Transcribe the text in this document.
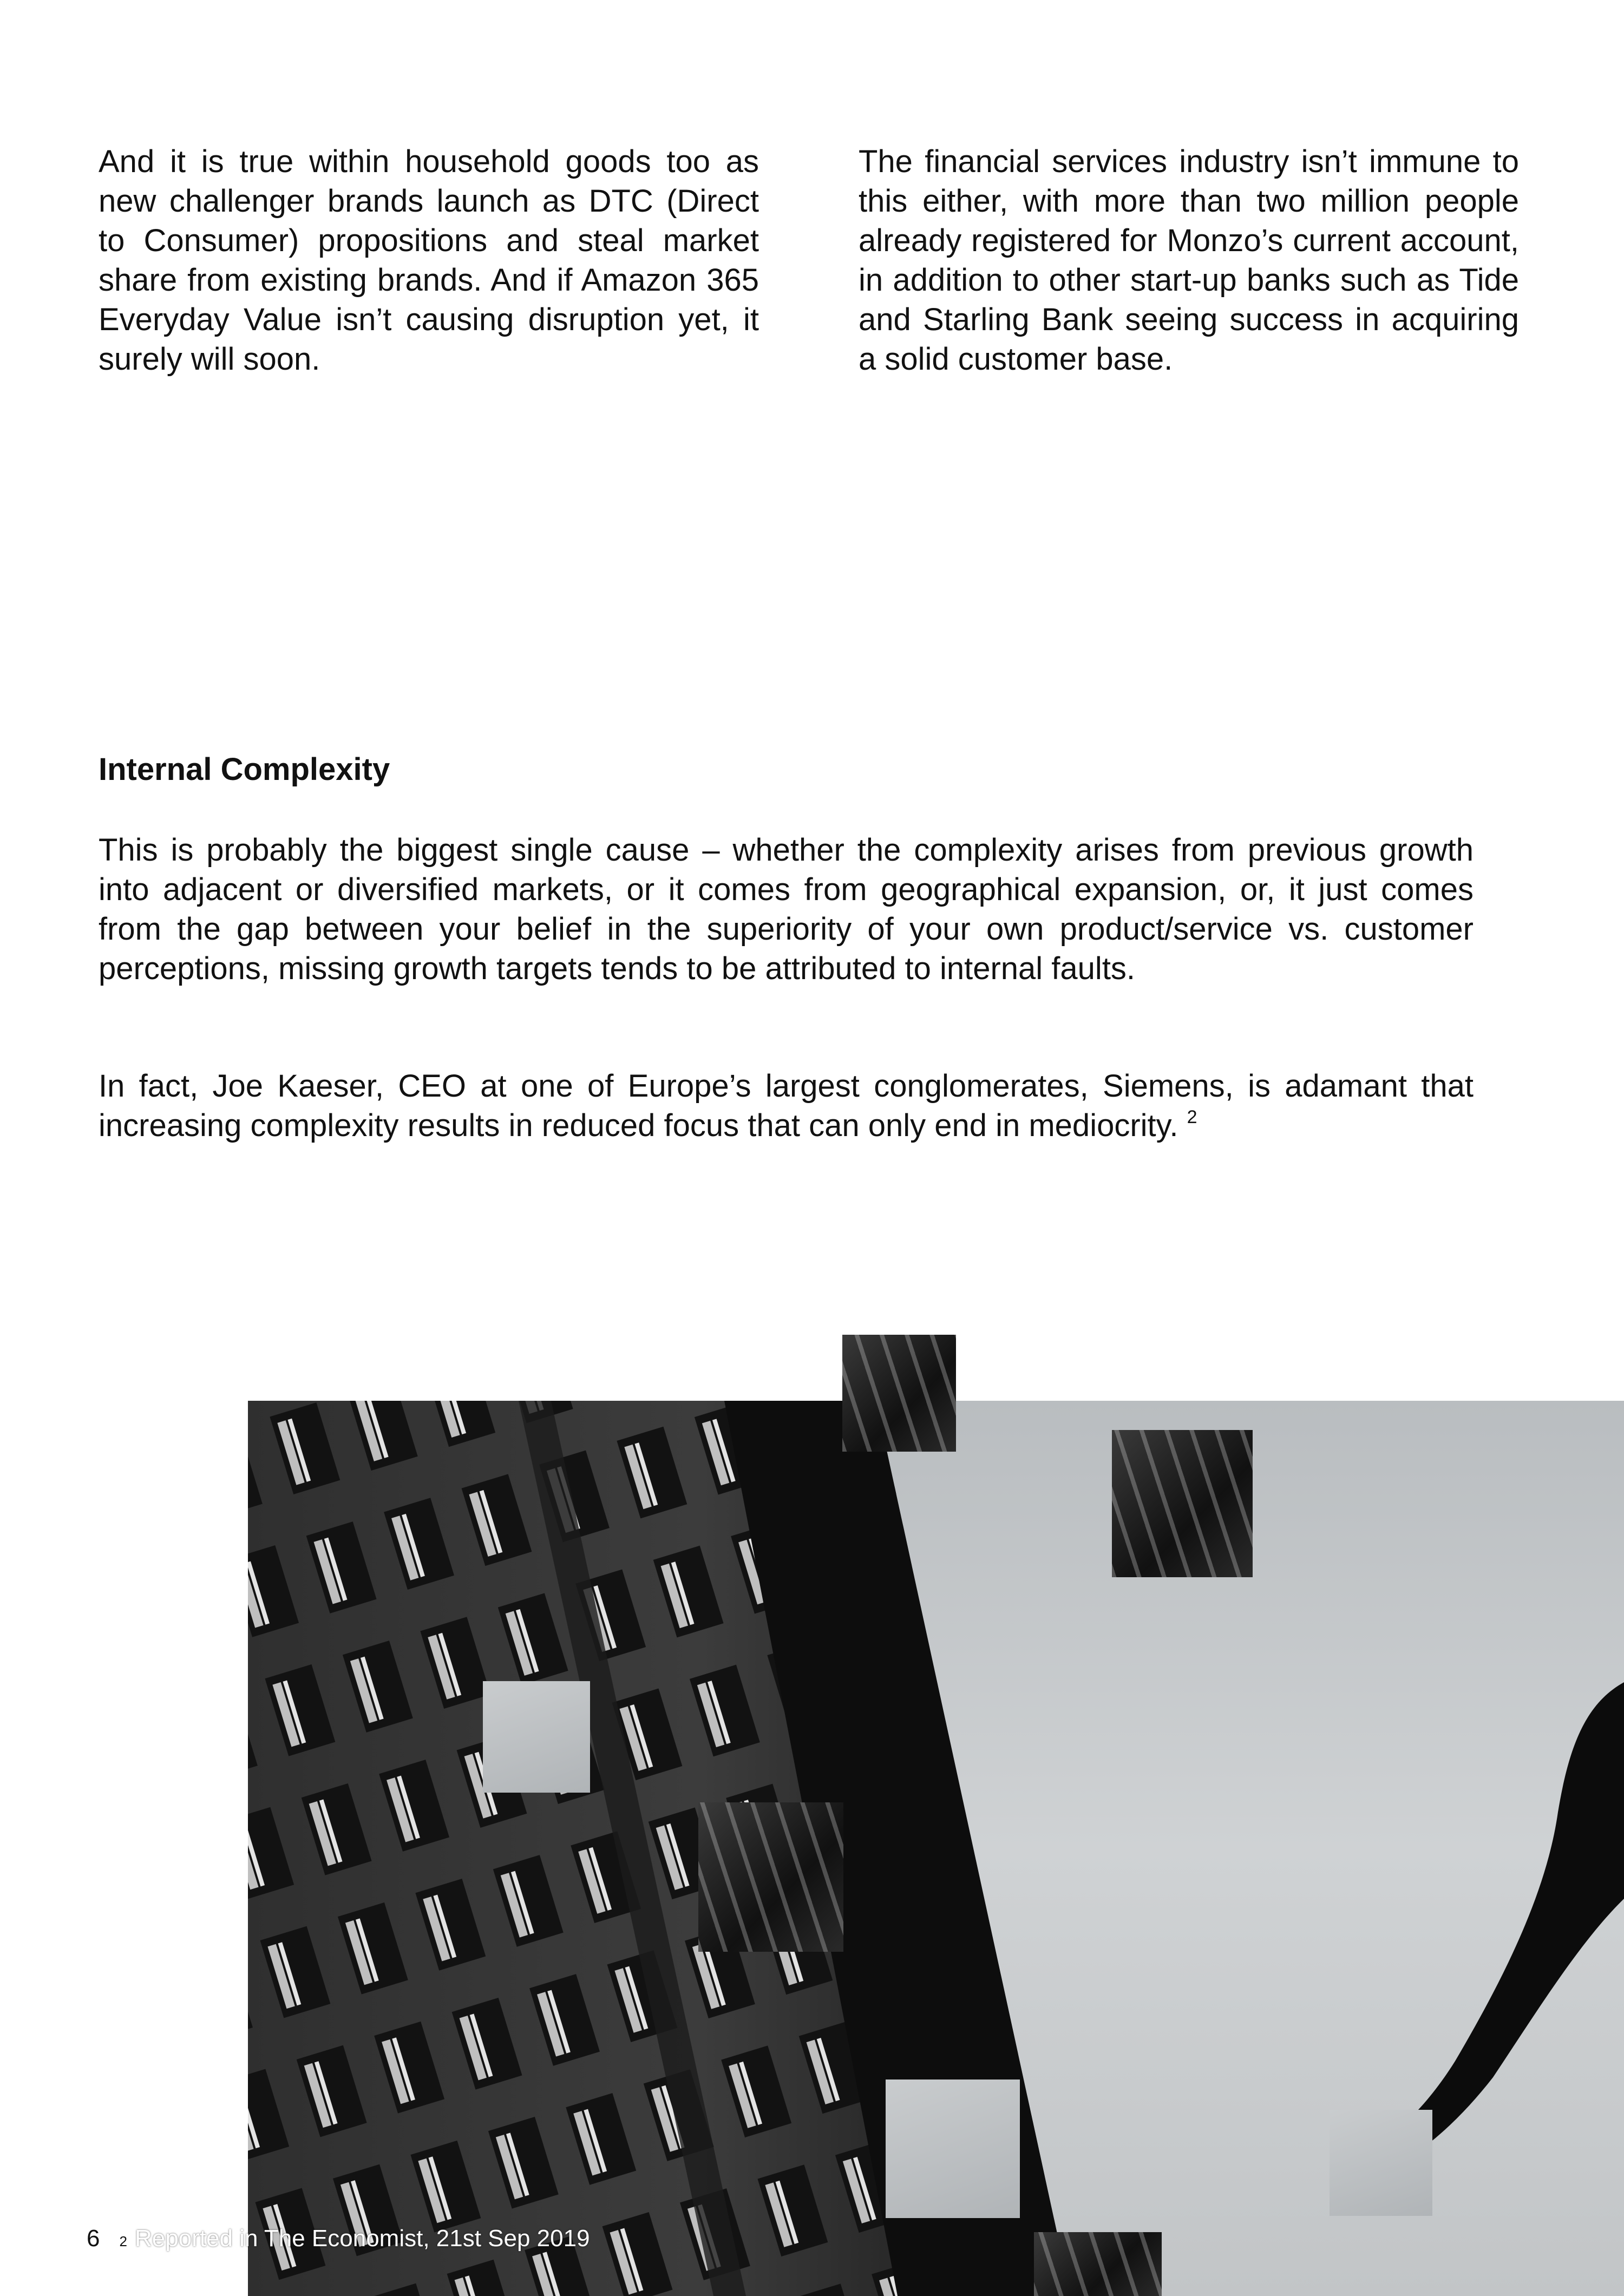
And it is true within household goods too as new challenger brands launch as DTC (Direct to Consumer) propositions and steal market share from existing brands. And if Amazon 365 Everyday Value isn’t causing disruption yet, it surely will soon.

The financial services industry isn’t immune to this either, with more than two million people already registered for Monzo’s current account, in addition to other start-up banks such as Tide and Starling Bank seeing success in acquiring a solid customer base.

Internal Complexity

This is probably the biggest single cause – whether the complexity arises from previous growth into adjacent or diversified markets, or it comes from geographical expansion, or, it just comes from the gap between your belief in the superiority of your own product/service vs. customer perceptions, missing growth targets tends to be attributed to internal faults.

In fact, Joe Kaeser, CEO at one of Europe’s largest conglomerates, Siemens, is adamant that increasing complexity results in reduced focus that can only end in mediocrity. $^2$

6 2 Reported in The Economist, 21st Sep 2019
